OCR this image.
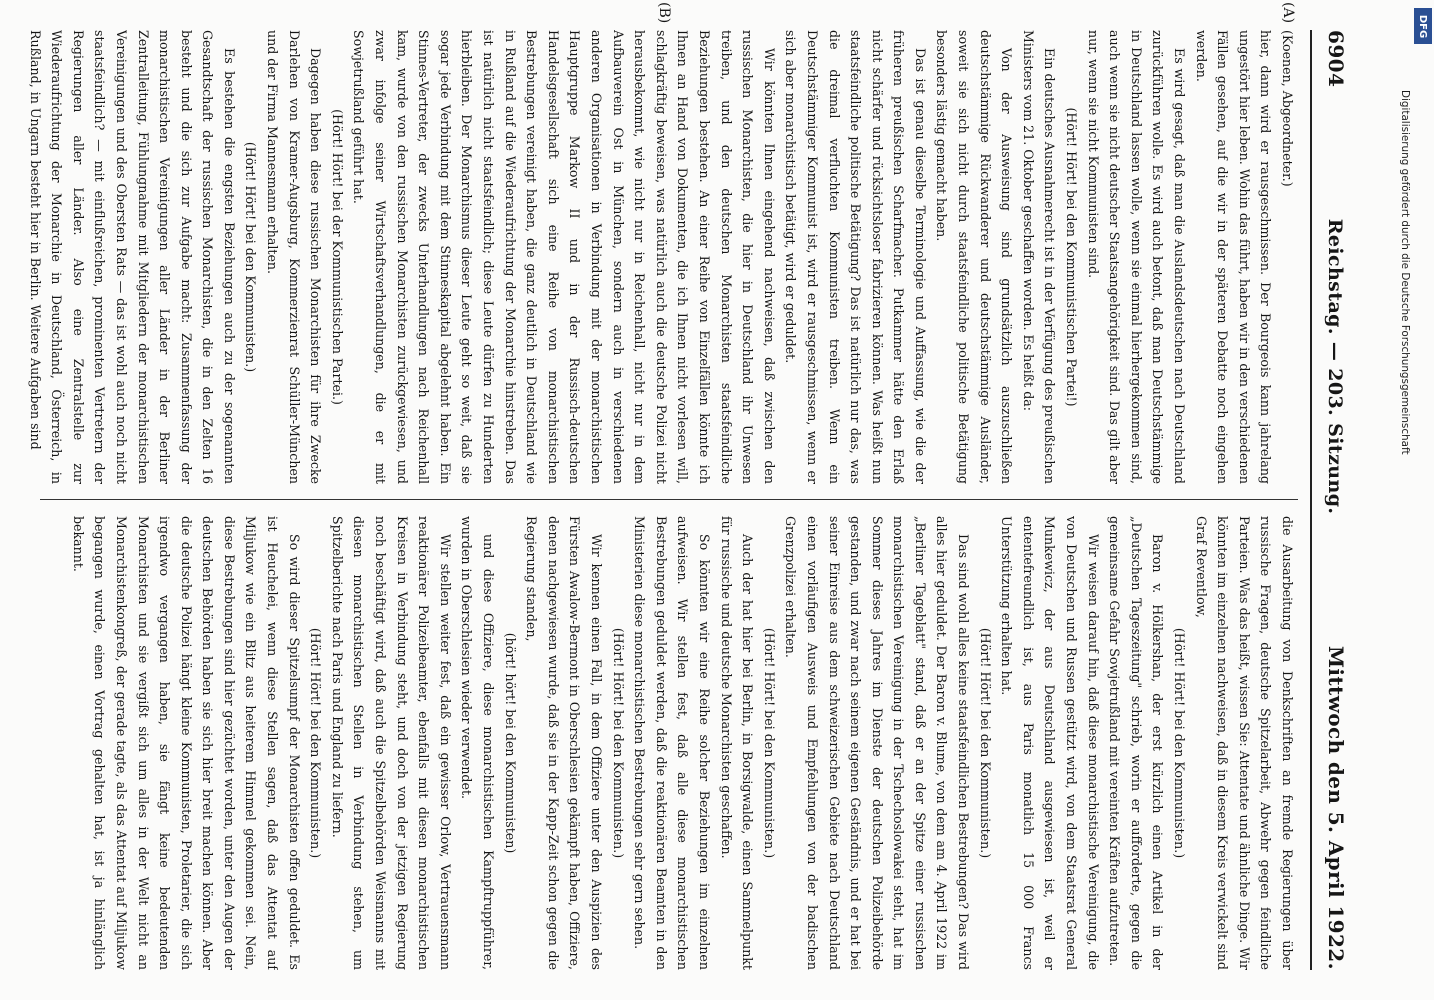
6904
Reichstag. — 203. Sitzung.
Mittwoch den 5. April 1922.
(A)
(B)

(Koenen, Abgeordneter.)

hier, dann wird er rausgeschmissen. Der Bourgeois kann jahrelang ungestört hier leben. Wohin das führt, haben wir in den verschiedenen Fällen gesehen, auf die wir in der späteren Debatte noch eingehen werden.

Es wird gesagt, daß man die Auslandsdeutschen nach Deutschland zurückführen wolle. Es wird auch betont, daß man Deutschstämmige in Deutschland lassen wolle, wenn sie einmal hierhergekommen sind, auch wenn sie nicht deutscher Staatsangehörigkeit sind. Das gilt aber nur, wenn sie nicht Kommunisten sind.

(Hört! Hört! bei den Kommunistischen Partei!)

Ein deutsches Ausnahmerecht ist in der Verfügung des preußischen Ministers vom 21. Oktober geschaffen worden. Es heißt da:

Von der Ausweisung sind grundsätzlich auszuschließen deutschstämmige Rückwanderer und deutschstämmige Ausländer, soweit sie sich nicht durch staatsfeindliche politische Betätigung besonders lästig gemacht haben.

Das ist genau dieselbe Terminologie und Auffassung, wie die der früheren preußischen Scharfmacher. Putkammer hätte den Erlaß nicht schärfer und rücksichtsloser fabrizieren können. Was heißt nun staatsfeindliche politische Betätigung? Das ist natürlich nur das, was die dreimal verfluchten Kommunisten treiben. Wenn ein Deutschstämmiger Kommunist ist, wird er rausgeschmissen, wenn er sich aber monarchistisch betätigt, wird er geduldet.

Wir könnten Ihnen eingehend nachweisen, daß zwischen den russischen Monarchisten, die hier in Deutschland ihr Unwesen treiben, und den deutschen Monarchisten staatsfeindliche Beziehungen bestehen. An einer Reihe von Einzelfällen könnte ich Ihnen an Hand von Dokumenten, die ich Ihnen nicht vorlesen will, schlagkräftig beweisen, was natürlich auch die deutsche Polizei nicht herausbekommt, wie nicht nur in Reichenhall, nicht nur in dem Aufbauverein Ost in München, sondern auch in verschiedenen anderen Organisationen in Verbindung mit der monarchistischen Hauptgruppe Markow II und in der Russisch-deutschen Handelsgesellschaft sich eine Reihe von monarchistischen Bestrebungen vereinigt haben, die ganz deutlich in Deutschland wie in Rußland auf die Wiederaufrichtung der Monarchie hinstreben. Das ist natürlich nicht staatsfeindlich; diese Leute dürfen zu Hunderten hierbleiben. Der Monarchismus dieser Leute geht so weit, daß sie sogar jede Verbindung mit dem Stinneskapital abgelehnt haben. Ein Stinnes-Vertreter, der zwecks Unterhandlungen nach Reichenhall kam, wurde von den russischen Monarchisten zurückgewiesen, und zwar infolge seiner Wirtschaftsverhandlungen, die er mit Sowjetrußland geführt hat.

(Hört! Hört! bei der Kommunistischen Partei.)

Dagegen haben diese russischen Monarchisten für ihre Zwecke Darlehen von Kramer-Augsburg, Kommerzienrat Schüller-München und der Firma Mannesmann erhalten.

(Hört! Hört! bei den Kommunisten.)

Es bestehen die engsten Beziehungen auch zu der sogenannten Gesandtschaft der russischen Monarchisten, die in den Zelten 16 besteht und die sich zur Aufgabe macht: Zusammenfassung der monarchistischen Vereinigungen aller Länder in der Berliner Zentralleitung, Fühlungnahme mit Mitgliedern der monarchistischen Vereinigungen und des Obersten Rats — das ist wohl auch noch nicht staatsfeindlich? — mit einflußreichen, prominenten Vertretern der Regierungen aller Länder. Also eine Zentralstelle zur Wiederaufrichtung der Monarchie in Deutschland, Österreich, in Rußland, in Ungarn besteht hier in Berlin. Weitere Aufgaben sind

die Ausarbeitung von Denkschriften an fremde Regierungen über russische Fragen, deutsche Spitzelarbeit, Abwehr gegen feindliche Parteien. Was das heißt, wissen Sie: Attentate und ähnliche Dinge. Wir könnten im einzelnen nachweisen, daß in diesem Kreis verwickelt sind Graf Reventlow,

(Hört! Hört! bei den Kommunisten.)

Baron v. Hölkershan, der erst kürzlich einen Artikel in der „Deutschen Tageszeitung" schrieb, worin er aufforderte, gegen die gemeinsame Gefahr Sowjetrußland mit vereinten Kräften aufzutreten.

Wir weisen darauf hin, daß diese monarchistische Vereinigung, die von Deutschen und Russen gestützt wird, von dem Staatsrat General Munkewicz, der aus Deutschland ausgewiesen ist, weil er ententefreundlich ist, aus Paris monatlich 15 000 Francs Unterstützung erhalten hat.

(Hört! Hört! bei den Kommunisten.)

Das sind wohl alles keine staatsfeindlichen Bestrebungen? Das wird alles hier geduldet. Der Baron v. Blume, von dem am 4. April 1922 im „Berliner Tageblatt" stand, daß er an der Spitze einer russischen monarchistischen Vereinigung in der Tschechoslowakei steht, hat im Sommer dieses Jahres im Dienste der deutschen Polizeibehörde gestanden, und zwar nach seinem eigenen Geständnis, und er hat bei seiner Einreise aus dem schweizerischen Gebiete nach Deutschland einen vorläufigen Ausweis und Empfehlungen von der badischen Grenzpolizei erhalten.

(Hört! Hört! bei den Kommunisten.)

Auch der hat hier bei Berlin, in Borsigwalde, einen Sammelpunkt für russische und deutsche Monarchisten geschaffen.

So könnten wir eine Reihe solcher Beziehungen im einzelnen aufweisen. Wir stellen fest, daß alle diese monarchistischen Bestrebungen geduldet werden, daß die reaktionären Beamten in den Ministerien diese monarchistischen Bestrebungen sehr gern sehen.

(Hört! Hört! bei den Kommunisten.)

Wir kennen einen Fall, in dem Offiziere unter den Auspizien des Fürsten Awalow-Bermont in Oberschlesien gekämpft haben, Offiziere, denen nachgewiesen wurde, daß sie in der Kapp-Zeit schon gegen die Regierung standen,

(hört! hört! bei den Kommunisten)

und diese Offiziere, diese monarchistischen Kampftruppführer, wurden in Oberschlesien wieder verwendet.

Wir stellen weiter fest, daß ein gewisser Orlow, Vertrauensmann reaktionärer Polizeibeamter, ebenfalls mit diesen monarchistischen Kreisen in Verbindung steht, und doch von der jetzigen Regierung noch beschäftigt wird, daß auch die Spitzelbehörden Weismanns mit diesen monarchistischen Stellen in Verbindung stehen, um Spitzelberichte nach Paris und England zu liefern.

(Hört! Hört! bei den Kommunisten.)

So wird dieser Spitzelsumpf der Monarchisten offen geduldet. Es ist Heuchelei, wenn diese Stellen sagen, daß das Attentat auf Miljukow wie ein Blitz aus heiterem Himmel gekommen sei. Nein, diese Bestrebungen sind hier gezüchtet worden, unter den Augen der deutschen Behörden haben sie sich hier breit machen können. Aber die deutsche Polizei hängt kleine Kommunisten, Proletarier, die sich irgendwo vergangen haben, sie fängt keine bedeutenden Monarchisten und sie vergißt sich um alles in der Welt nicht an Monarchistenkongreß, der gerade tagte, als das Attentat auf Miljukow begangen wurde, einen Vortrag gehalten hat, ist ja hinlänglich bekannt.

DFG
Digitalisierung gefördert durch die Deutsche Forschungsgemeinschaft
